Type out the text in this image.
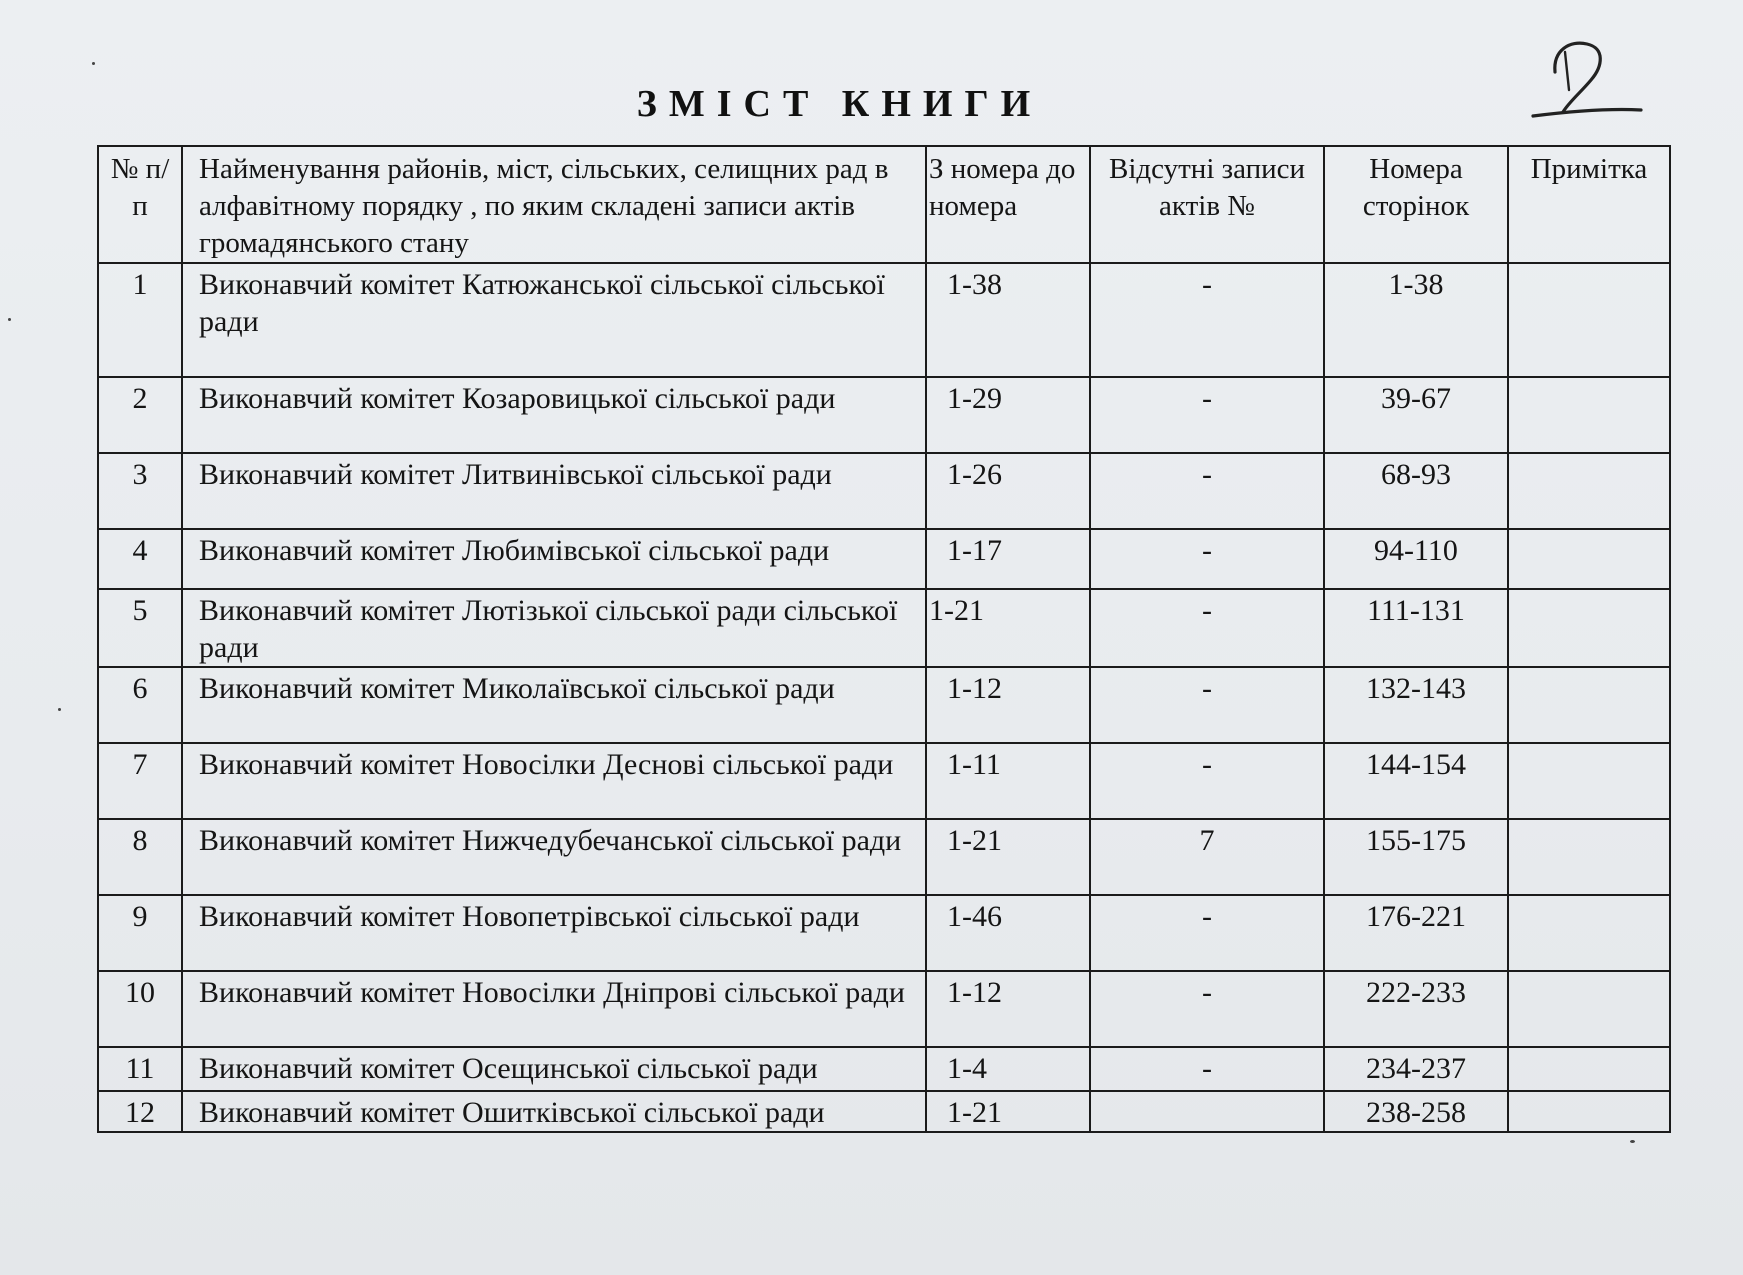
ЗМІСТ КНИГИ
№ п/п	Найменування районів, міст, сільських, селищних рад в алфавітному порядку , по яким складені записи актів громадянського стану	З номера до номера	Відсутні записи актів №	Номера сторінок	Примітка
1	Виконавчий комітет Катюжанської сільської сільської ради	1-38	-	1-38	
2	Виконавчий комітет Козаровицької сільської ради	1-29	-	39-67	
3	Виконавчий комітет Литвинівської сільської ради	1-26	-	68-93	
4	Виконавчий комітет Любимівської сільської ради	1-17	-	94-110	
5	Виконавчий комітет Лютізької сільської ради сільської ради	1-21	-	111-131	
6	Виконавчий комітет Миколаївської сільської ради	1-12	-	132-143	
7	Виконавчий комітет Новосілки Деснові сільської ради	1-11	-	144-154	
8	Виконавчий комітет Нижчедубечанської сільської ради	1-21	7	155-175	
9	Виконавчий комітет Новопетрівської сільської ради	1-46	-	176-221	
10	Виконавчий комітет Новосілки Дніпрові сільської ради	1-12	-	222-233	
11	Виконавчий комітет Осещинської сільської ради	1-4	-	234-237	
12	Виконавчий комітет Ошитківської сільської ради	1-21		238-258	
